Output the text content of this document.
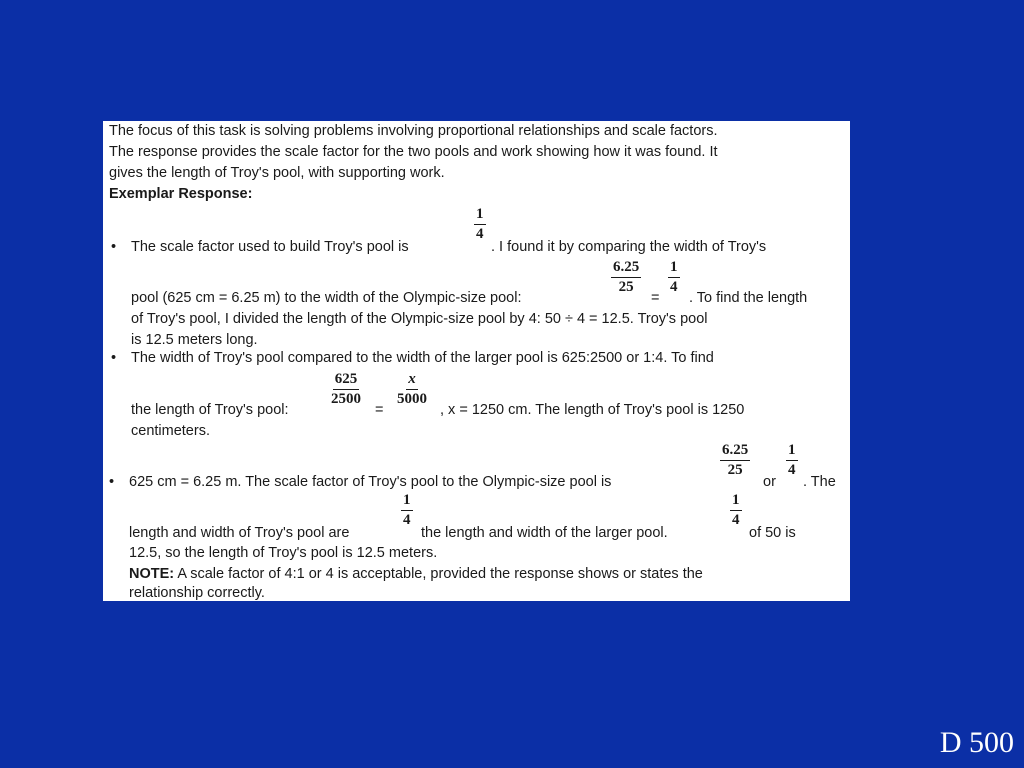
The focus of this task is solving problems involving proportional relationships and scale factors.
The response provides the scale factor for the two pools and work showing how it was found. It
gives the length of Troy's pool, with supporting work.
Exemplar Response:
• The scale factor used to build Troy's pool is
$\frac{1}{4}$
. I found it by comparing the width of Troy's
pool (625 cm = 6.25 m) to the width of the Olympic-size pool:
$\frac{6.25}{25}$
=
$\frac{1}{4}$
. To find the length
of Troy's pool, I divided the length of the Olympic-size pool by 4: 50 ÷ 4 = 12.5. Troy's pool
is 12.5 meters long.
• The width of Troy's pool compared to the width of the larger pool is 625:2500 or 1:4. To find
the length of Troy's pool:
$\frac{625}{2500}$
=
$\frac{x}{5000}$
, x = 1250 cm. The length of Troy's pool is 1250
centimeters.
• 625 cm = 6.25 m. The scale factor of Troy's pool to the Olympic-size pool is
$\frac{6.25}{25}$
or
$\frac{1}{4}$
. The
length and width of Troy's pool are
$\frac{1}{4}$
the length and width of the larger pool.
$\frac{1}{4}$
of 50 is
12.5, so the length of Troy's pool is 12.5 meters.
NOTE: A scale factor of 4:1 or 4 is acceptable, provided the response shows or states the
relationship correctly.
D 500
